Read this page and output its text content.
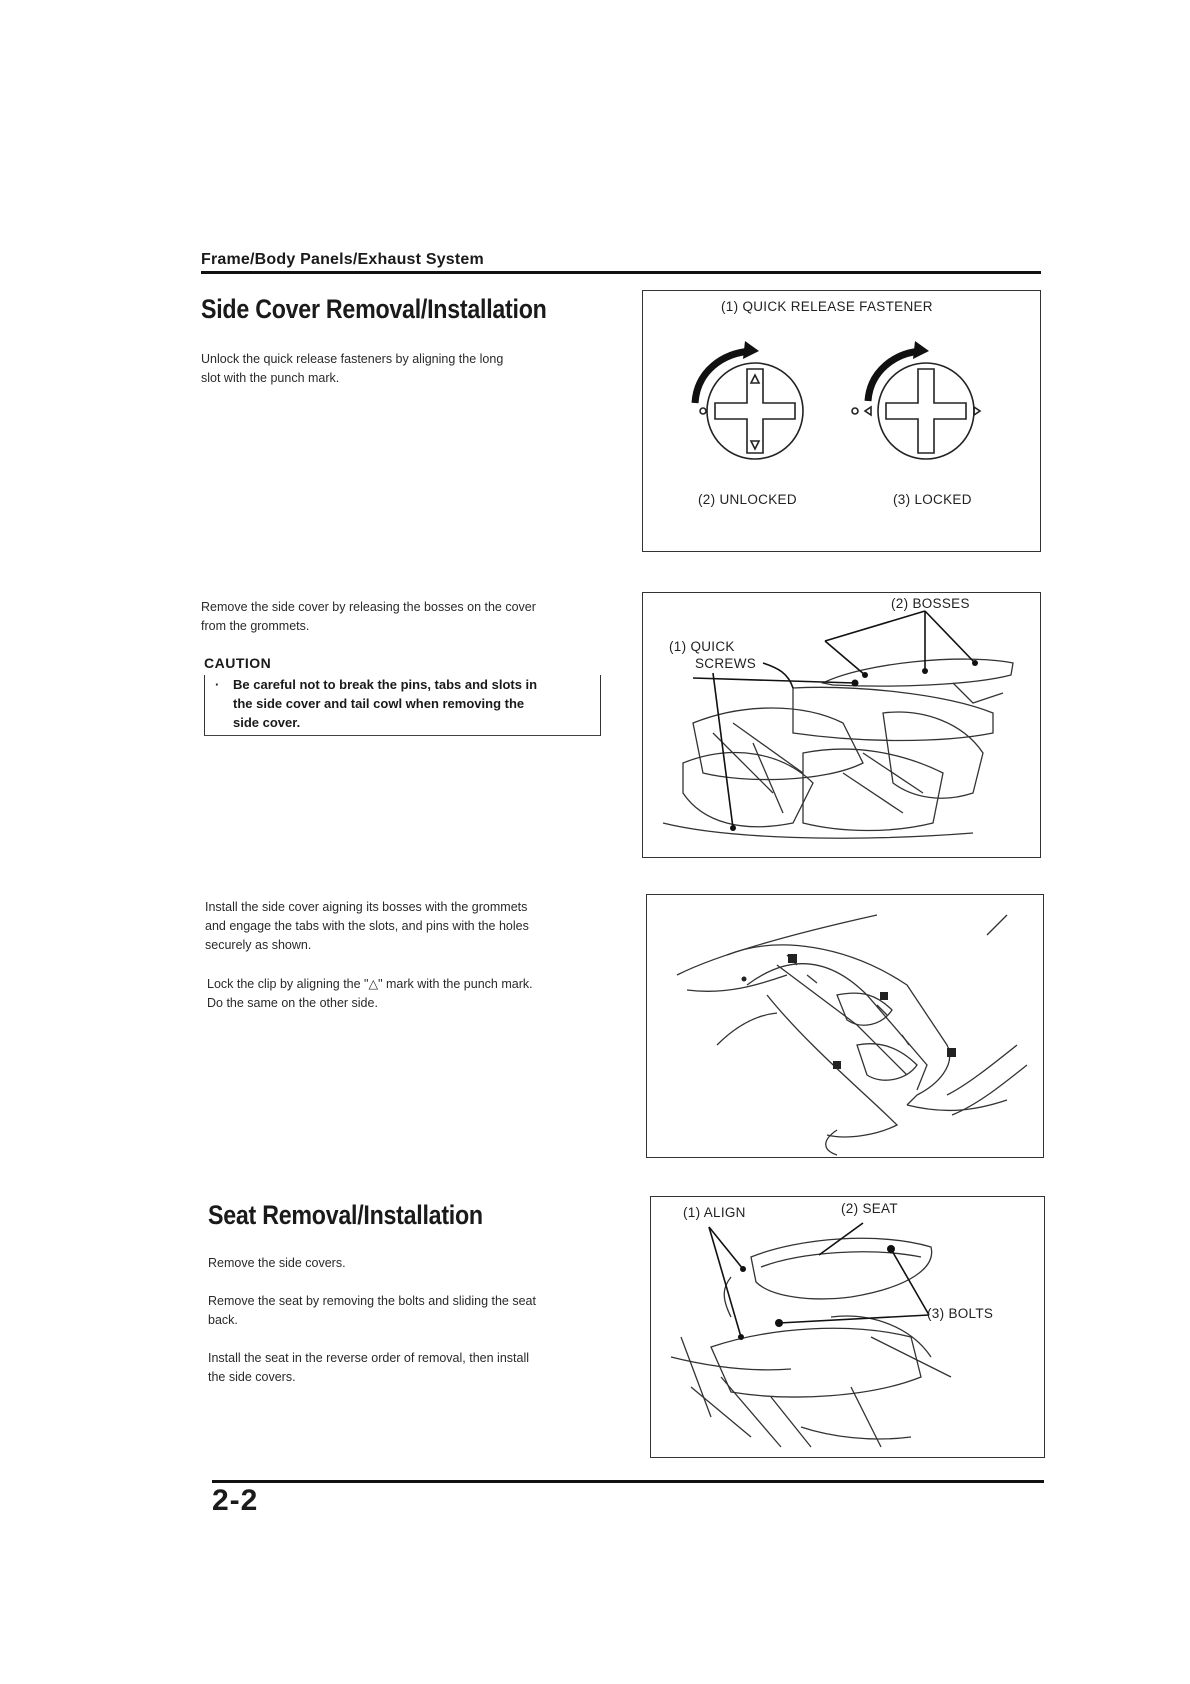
Frame/Body Panels/Exhaust System
Side Cover Removal/Installation
Unlock the quick release fasteners by aligning the long
slot with the punch mark.
Remove the side cover by releasing the bosses on the cover
from the grommets.
CAUTION
· Be careful not to break the pins, tabs and slots in
the side cover and tail cowl when removing the
side cover.
Install the side cover aigning its bosses with the grommets
and engage the tabs with the slots, and pins with the holes
securely as shown.
Lock the clip by aligning the "△" mark with the punch mark.
Do the same on the other side.
(1) QUICK RELEASE FASTENER
(2) UNLOCKED	(3) LOCKED
(2) BOSSES
(1) QUICK
SCREWS
Seat Removal/Installation
Remove the side covers.
Remove the seat by removing the bolts and sliding the seat
back.
Install the seat in the reverse order of removal, then install
the side covers.
(1) ALIGN	(2) SEAT
(3) BOLTS
2-2
